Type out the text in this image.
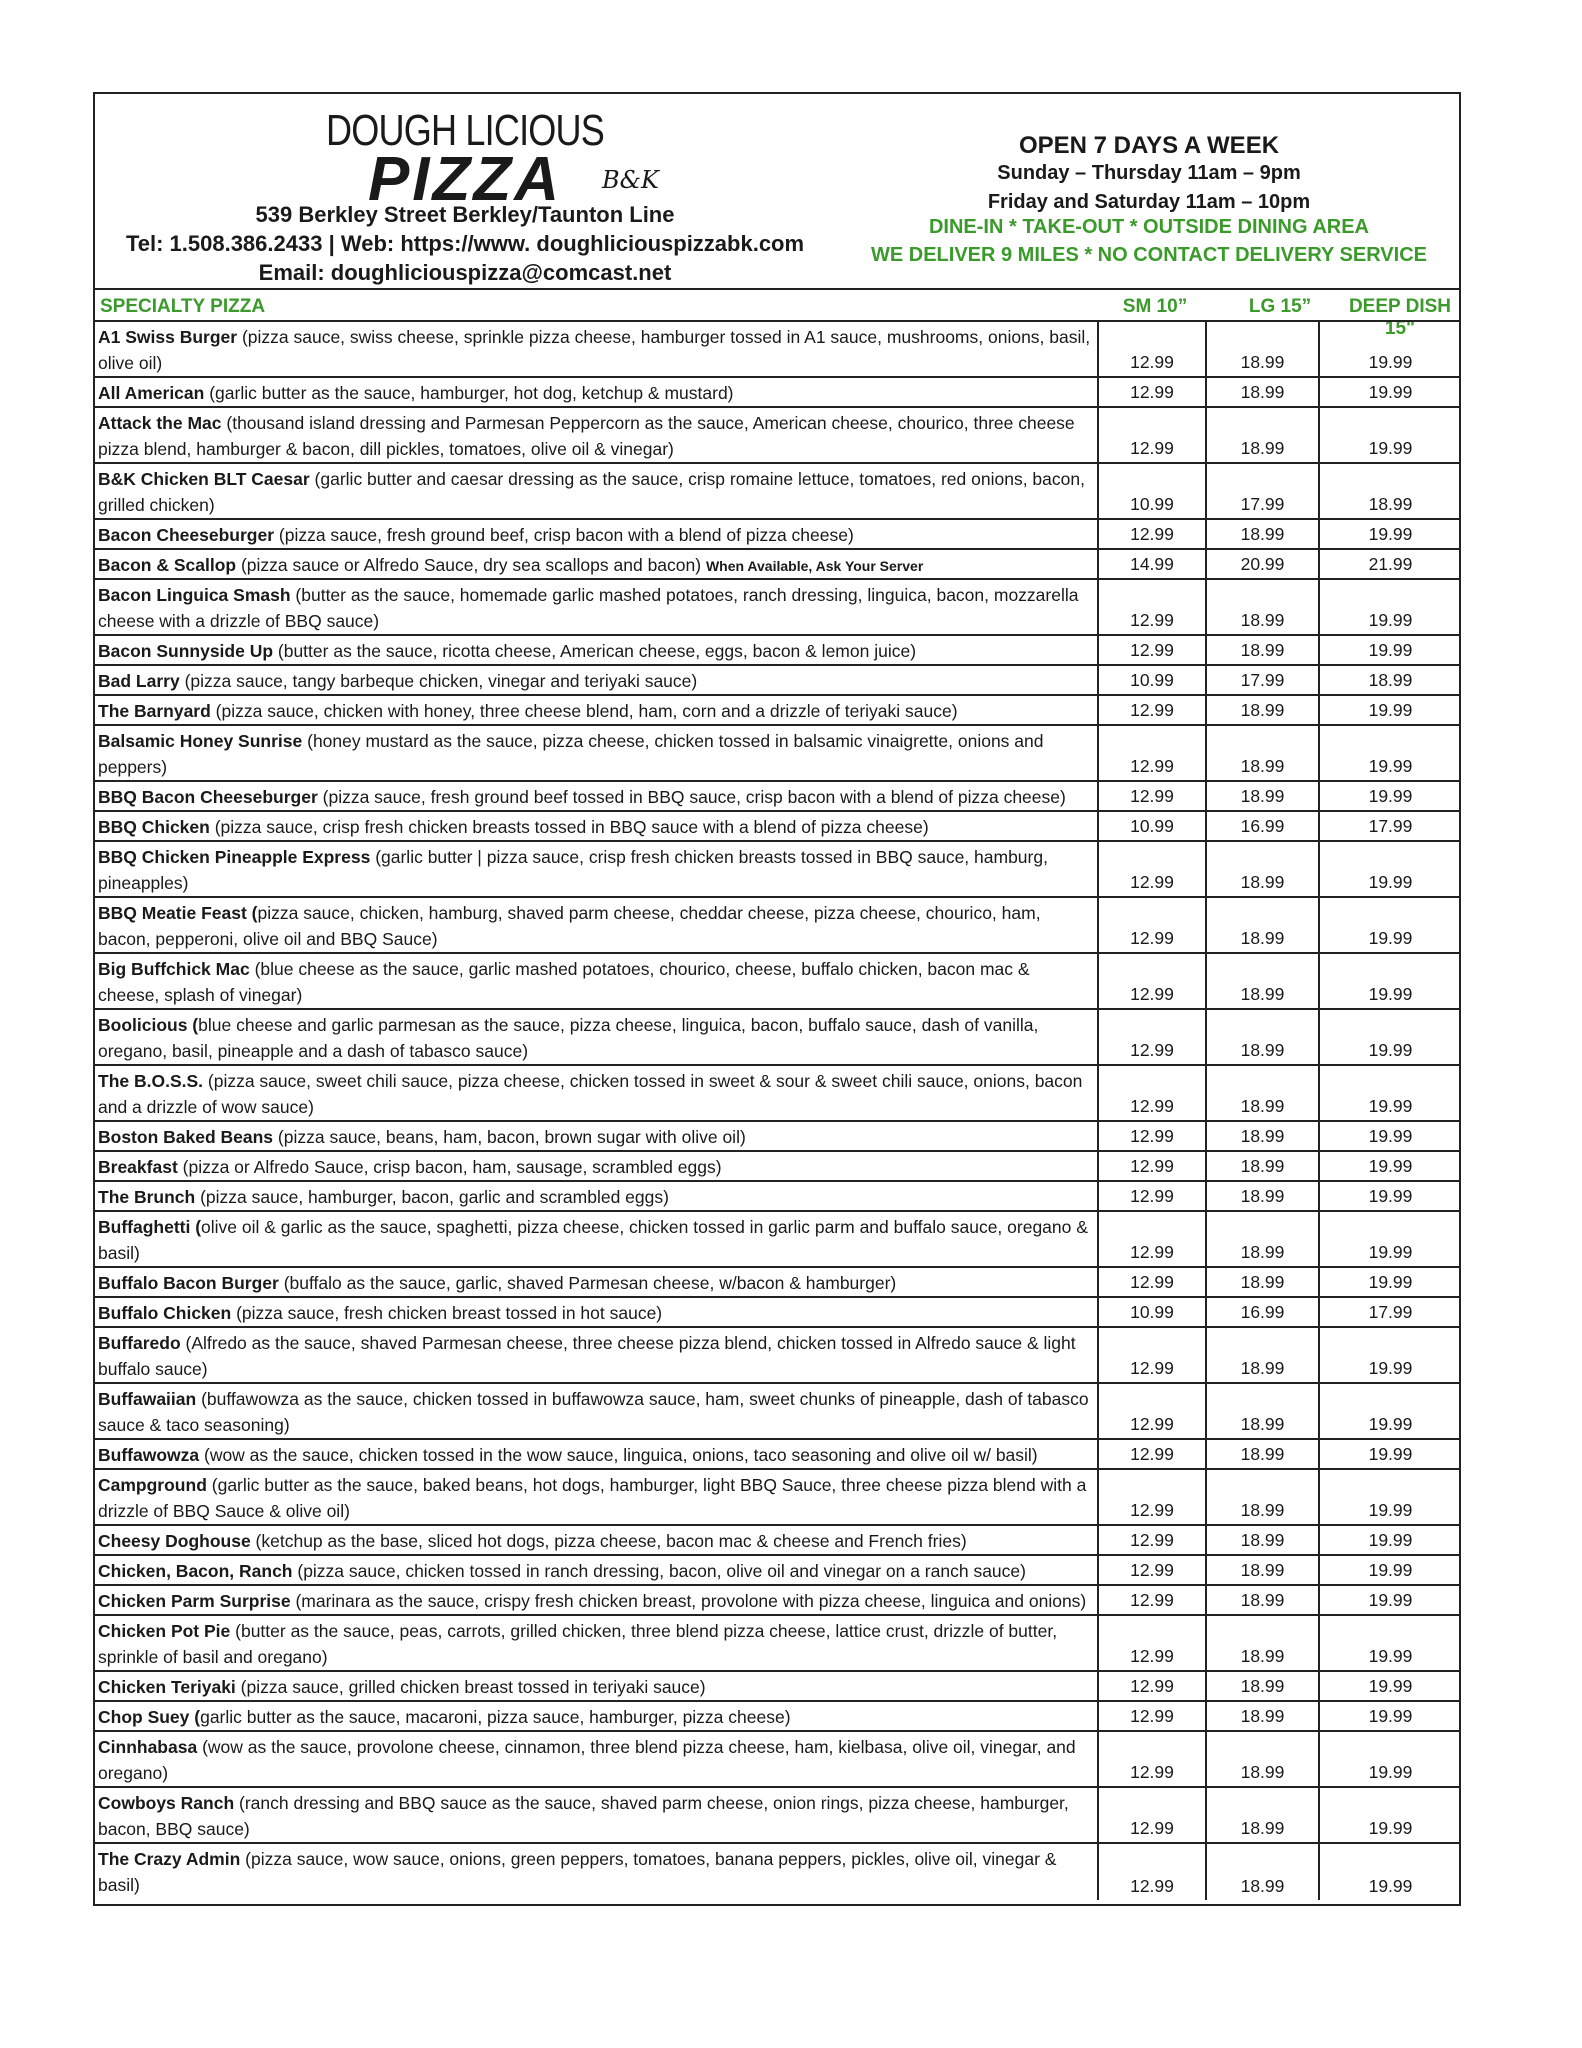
DOUGH LICIOUS
PIZZA	B&K
539 Berkley Street Berkley/Taunton Line
Tel: 1.508.386.2433 | Web: https://www. doughliciouspizzabk.com
Email: doughliciouspizza@comcast.net
OPEN 7 DAYS A WEEK
Sunday – Thursday 11am – 9pm
Friday and Saturday 11am – 10pm
DINE-IN * TAKE-OUT * OUTSIDE DINING AREA
WE DELIVER 9 MILES * NO CONTACT DELIVERY SERVICE
SPECIALTY PIZZA	SM 10”	LG 15”	DEEP DISH 15"
A1 Swiss Burger (pizza sauce, swiss cheese, sprinkle pizza cheese, hamburger tossed in A1 sauce, mushrooms, onions, basil, olive oil)	12.99	18.99	19.99
All American (garlic butter as the sauce, hamburger, hot dog, ketchup & mustard)	12.99	18.99	19.99
Attack the Mac (thousand island dressing and Parmesan Peppercorn as the sauce, American cheese, chourico, three cheese pizza blend, hamburger & bacon, dill pickles, tomatoes, olive oil & vinegar)	12.99	18.99	19.99
B&K Chicken BLT Caesar (garlic butter and caesar dressing as the sauce, crisp romaine lettuce, tomatoes, red onions, bacon, grilled chicken)	10.99	17.99	18.99
Bacon Cheeseburger (pizza sauce, fresh ground beef, crisp bacon with a blend of pizza cheese)	12.99	18.99	19.99
Bacon & Scallop (pizza sauce or Alfredo Sauce, dry sea scallops and bacon) When Available, Ask Your Server	14.99	20.99	21.99
Bacon Linguica Smash (butter as the sauce, homemade garlic mashed potatoes, ranch dressing, linguica, bacon, mozzarella cheese with a drizzle of BBQ sauce)	12.99	18.99	19.99
Bacon Sunnyside Up (butter as the sauce, ricotta cheese, American cheese, eggs, bacon & lemon juice)	12.99	18.99	19.99
Bad Larry (pizza sauce, tangy barbeque chicken, vinegar and teriyaki sauce)	10.99	17.99	18.99
The Barnyard (pizza sauce, chicken with honey, three cheese blend, ham, corn and a drizzle of teriyaki sauce)	12.99	18.99	19.99
Balsamic Honey Sunrise (honey mustard as the sauce, pizza cheese, chicken tossed in balsamic vinaigrette, onions and peppers)	12.99	18.99	19.99
BBQ Bacon Cheeseburger (pizza sauce, fresh ground beef tossed in BBQ sauce, crisp bacon with a blend of pizza cheese)	12.99	18.99	19.99
BBQ Chicken (pizza sauce, crisp fresh chicken breasts tossed in BBQ sauce with a blend of pizza cheese)	10.99	16.99	17.99
BBQ Chicken Pineapple Express (garlic butter | pizza sauce, crisp fresh chicken breasts tossed in BBQ sauce, hamburg, pineapples)	12.99	18.99	19.99
BBQ Meatie Feast (pizza sauce, chicken, hamburg, shaved parm cheese, cheddar cheese, pizza cheese, chourico, ham, bacon, pepperoni, olive oil and BBQ Sauce)	12.99	18.99	19.99
Big Buffchick Mac (blue cheese as the sauce, garlic mashed potatoes, chourico, cheese, buffalo chicken, bacon mac & cheese, splash of vinegar)	12.99	18.99	19.99
Boolicious (blue cheese and garlic parmesan as the sauce, pizza cheese, linguica, bacon, buffalo sauce, dash of vanilla, oregano, basil, pineapple and a dash of tabasco sauce)	12.99	18.99	19.99
The B.O.S.S. (pizza sauce, sweet chili sauce, pizza cheese, chicken tossed in sweet & sour & sweet chili sauce, onions, bacon and a drizzle of wow sauce)	12.99	18.99	19.99
Boston Baked Beans (pizza sauce, beans, ham, bacon, brown sugar with olive oil)	12.99	18.99	19.99
Breakfast (pizza or Alfredo Sauce, crisp bacon, ham, sausage, scrambled eggs)	12.99	18.99	19.99
The Brunch (pizza sauce, hamburger, bacon, garlic and scrambled eggs)	12.99	18.99	19.99
Buffaghetti (olive oil & garlic as the sauce, spaghetti, pizza cheese, chicken tossed in garlic parm and buffalo sauce, oregano & basil)	12.99	18.99	19.99
Buffalo Bacon Burger (buffalo as the sauce, garlic, shaved Parmesan cheese, w/bacon & hamburger)	12.99	18.99	19.99
Buffalo Chicken (pizza sauce, fresh chicken breast tossed in hot sauce)	10.99	16.99	17.99
Buffaredo (Alfredo as the sauce, shaved Parmesan cheese, three cheese pizza blend, chicken tossed in Alfredo sauce & light buffalo sauce)	12.99	18.99	19.99
Buffawaiian (buffawowza as the sauce, chicken tossed in buffawowza sauce, ham, sweet chunks of pineapple, dash of tabasco sauce & taco seasoning)	12.99	18.99	19.99
Buffawowza (wow as the sauce, chicken tossed in the wow sauce, linguica, onions, taco seasoning and olive oil w/ basil)	12.99	18.99	19.99
Campground (garlic butter as the sauce, baked beans, hot dogs, hamburger, light BBQ Sauce, three cheese pizza blend with a drizzle of BBQ Sauce & olive oil)	12.99	18.99	19.99
Cheesy Doghouse (ketchup as the base, sliced hot dogs, pizza cheese, bacon mac & cheese and French fries)	12.99	18.99	19.99
Chicken, Bacon, Ranch (pizza sauce, chicken tossed in ranch dressing, bacon, olive oil and vinegar on a ranch sauce)	12.99	18.99	19.99
Chicken Parm Surprise (marinara as the sauce, crispy fresh chicken breast, provolone with pizza cheese, linguica and onions)	12.99	18.99	19.99
Chicken Pot Pie (butter as the sauce, peas, carrots, grilled chicken, three blend pizza cheese, lattice crust, drizzle of butter, sprinkle of basil and oregano)	12.99	18.99	19.99
Chicken Teriyaki (pizza sauce, grilled chicken breast tossed in teriyaki sauce)	12.99	18.99	19.99
Chop Suey (garlic butter as the sauce, macaroni, pizza sauce, hamburger, pizza cheese)	12.99	18.99	19.99
Cinnhabasa (wow as the sauce, provolone cheese, cinnamon, three blend pizza cheese, ham, kielbasa, olive oil, vinegar, and oregano)	12.99	18.99	19.99
Cowboys Ranch (ranch dressing and BBQ sauce as the sauce, shaved parm cheese, onion rings, pizza cheese, hamburger, bacon, BBQ sauce)	12.99	18.99	19.99
The Crazy Admin (pizza sauce, wow sauce, onions, green peppers, tomatoes, banana peppers, pickles, olive oil, vinegar & basil)	12.99	18.99	19.99
